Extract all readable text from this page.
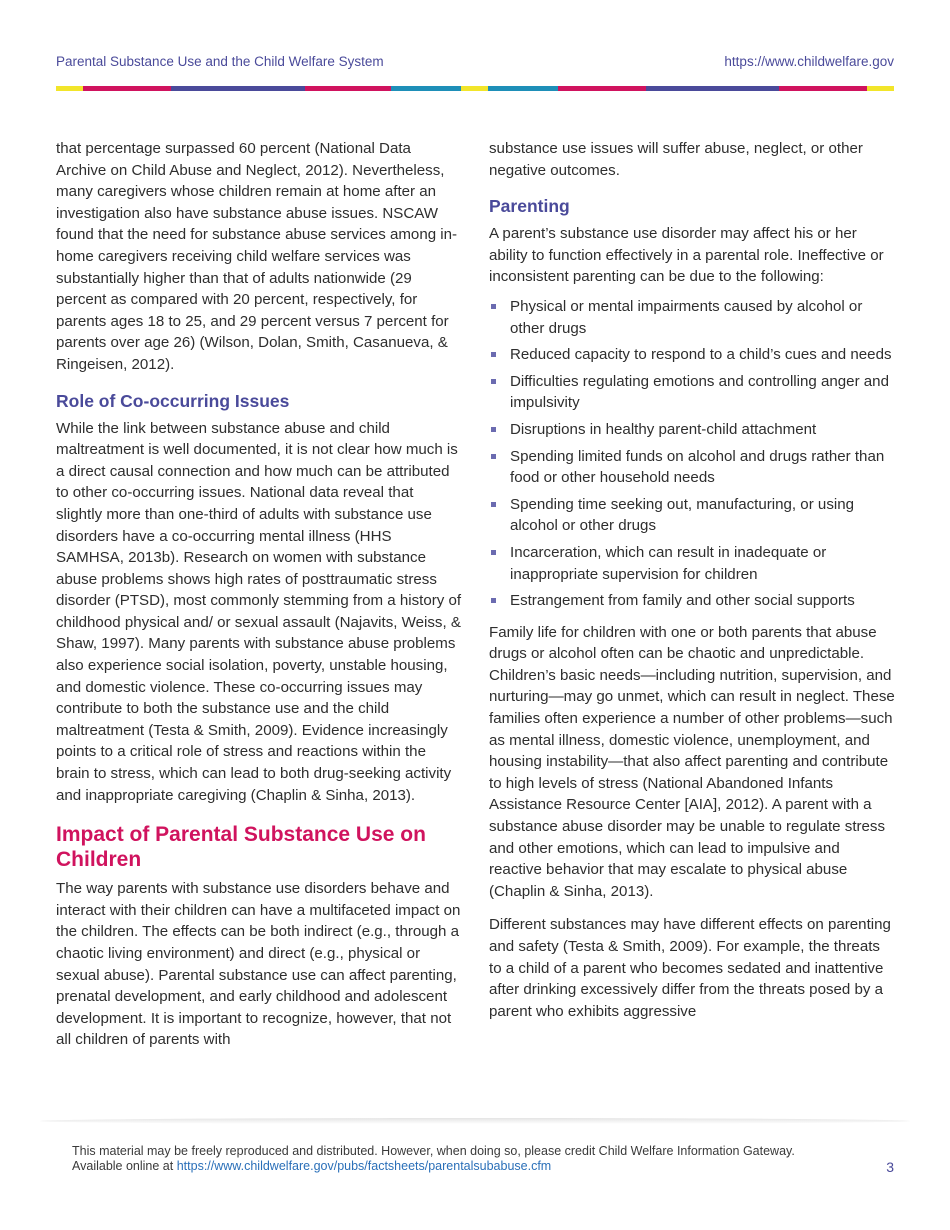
Parental Substance Use and the Child Welfare System	https://www.childwelfare.gov

that percentage surpassed 60 percent (National Data Archive on Child Abuse and Neglect, 2012). Nevertheless, many caregivers whose children remain at home after an investigation also have substance abuse issues. NSCAW found that the need for substance abuse services among in-home caregivers receiving child welfare services was substantially higher than that of adults nationwide (29 percent as compared with 20 percent, respectively, for parents ages 18 to 25, and 29 percent versus 7 percent for parents over age 26) (Wilson, Dolan, Smith, Casanueva, & Ringeisen, 2012).

Role of Co-occurring Issues

While the link between substance abuse and child maltreatment is well documented, it is not clear how much is a direct causal connection and how much can be attributed to other co-occurring issues. National data reveal that slightly more than one-third of adults with substance use disorders have a co-occurring mental illness (HHS SAMHSA, 2013b). Research on women with substance abuse problems shows high rates of posttraumatic stress disorder (PTSD), most commonly stemming from a history of childhood physical and/ or sexual assault (Najavits, Weiss, & Shaw, 1997). Many parents with substance abuse problems also experience social isolation, poverty, unstable housing, and domestic violence. These co-occurring issues may contribute to both the substance use and the child maltreatment (Testa & Smith, 2009). Evidence increasingly points to a critical role of stress and reactions within the brain to stress, which can lead to both drug-seeking activity and inappropriate caregiving (Chaplin & Sinha, 2013).

Impact of Parental Substance Use on Children

The way parents with substance use disorders behave and interact with their children can have a multifaceted impact on the children. The effects can be both indirect (e.g., through a chaotic living environment) and direct (e.g., physical or sexual abuse). Parental substance use can affect parenting, prenatal development, and early childhood and adolescent development. It is important to recognize, however, that not all children of parents with

substance use issues will suffer abuse, neglect, or other negative outcomes.

Parenting

A parent’s substance use disorder may affect his or her ability to function effectively in a parental role. Ineffective or inconsistent parenting can be due to the following:

Physical or mental impairments caused by alcohol or other drugs
Reduced capacity to respond to a child’s cues and needs
Difficulties regulating emotions and controlling anger and impulsivity
Disruptions in healthy parent-child attachment
Spending limited funds on alcohol and drugs rather than food or other household needs
Spending time seeking out, manufacturing, or using alcohol or other drugs
Incarceration, which can result in inadequate or inappropriate supervision for children
Estrangement from family and other social supports

Family life for children with one or both parents that abuse drugs or alcohol often can be chaotic and unpredictable. Children’s basic needs—including nutrition, supervision, and nurturing—may go unmet, which can result in neglect. These families often experience a number of other problems—such as mental illness, domestic violence, unemployment, and housing instability—that also affect parenting and contribute to high levels of stress (National Abandoned Infants Assistance Resource Center [AIA], 2012). A parent with a substance abuse disorder may be unable to regulate stress and other emotions, which can lead to impulsive and reactive behavior that may escalate to physical abuse (Chaplin & Sinha, 2013).

Different substances may have different effects on parenting and safety (Testa & Smith, 2009). For example, the threats to a child of a parent who becomes sedated and inattentive after drinking excessively differ from the threats posed by a parent who exhibits aggressive

This material may be freely reproduced and distributed. However, when doing so, please credit Child Welfare Information Gateway.
Available online at https://www.childwelfare.gov/pubs/factsheets/parentalsubabuse.cfm	3
